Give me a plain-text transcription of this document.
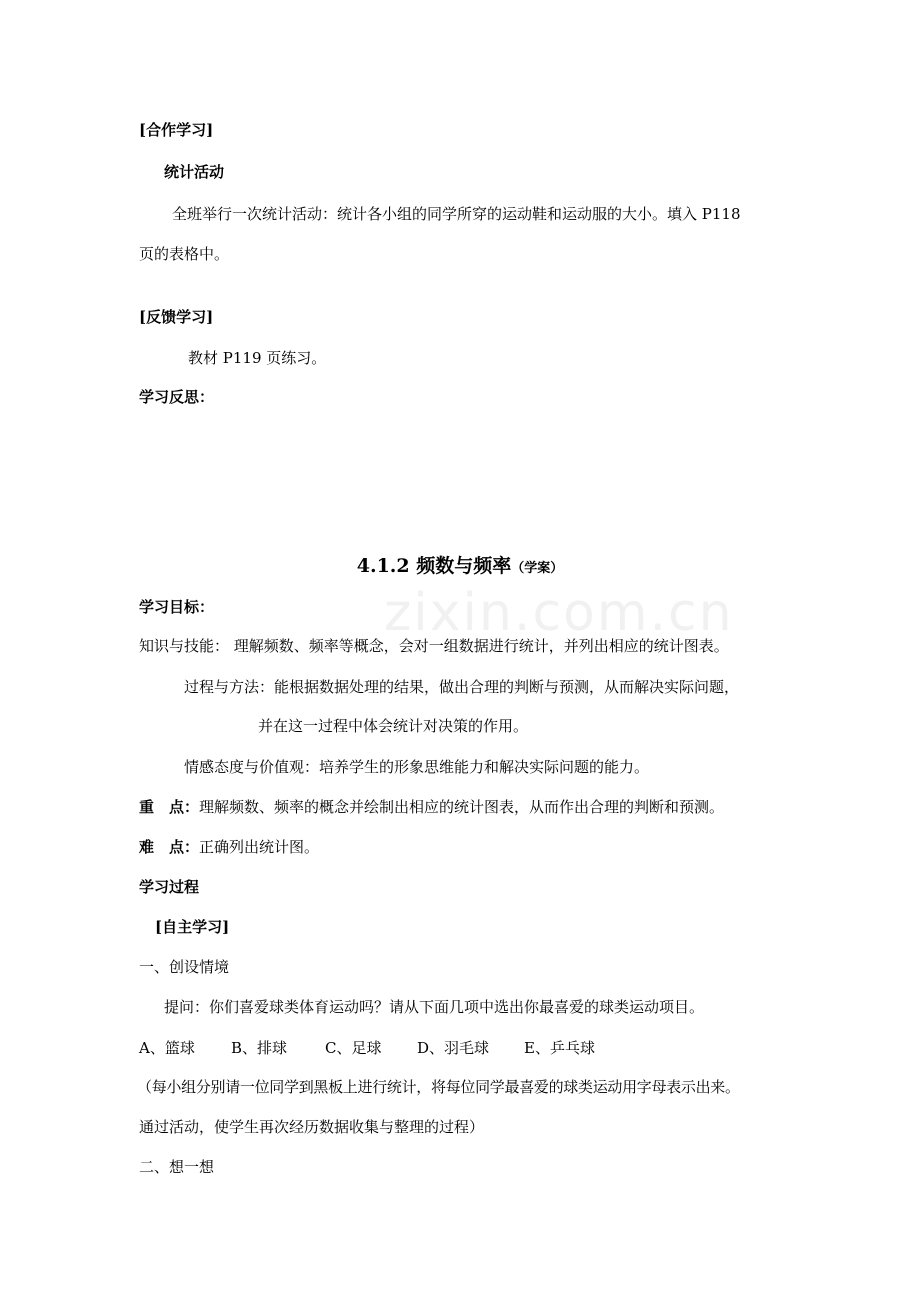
zixin.com.cn
[合作学习]
统计活动
全班举行一次统计活动：统计各小组的同学所穿的运动鞋和运动服的大小。填入 P118
页的表格中。
[反馈学习]
教材 P119 页练习。
学习反思：
4.1.2 频数与频率（学案）
学习目标：
知识与技能： 理解频数、频率等概念，会对一组数据进行统计，并列出相应的统计图表。
过程与方法：能根据数据处理的结果，做出合理的判断与预测，从而解决实际问题，
并在这一过程中体会统计对决策的作用。
情感态度与价值观：培养学生的形象思维能力和解决实际问题的能力。
重　点：理解频数、频率的概念并绘制出相应的统计图表，从而作出合理的判断和预测。
难　点：正确列出统计图。
学习过程
[自主学习]
一、创设情境
提问：你们喜爱球类体育运动吗？请从下面几项中选出你最喜爱的球类运动项目。
A、篮球 B、排球	C、足球 D、羽毛球 E、乒乓球
（每小组分别请一位同学到黑板上进行统计，将每位同学最喜爱的球类运动用字母表示出来。
通过活动，使学生再次经历数据收集与整理的过程）
二、想一想
